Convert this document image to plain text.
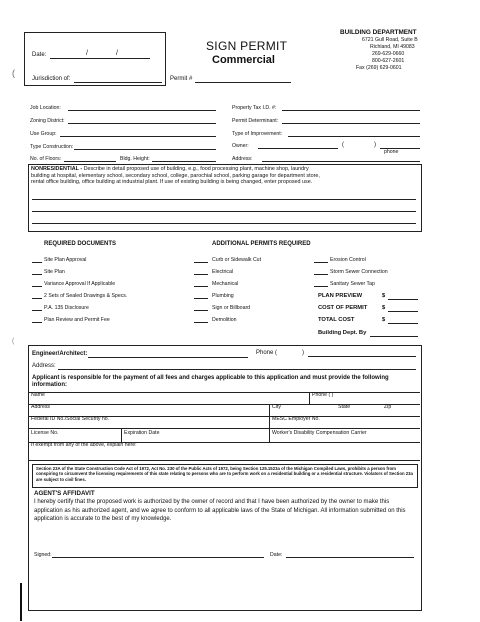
Date:	/	/
Jurisdiction of:	Permit #
SIGN PERMIT
Commercial
BUILDING DEPARTMENT
6721 Gull Road, Suite B
Richland, MI 49083
269-629-0660
800-627-2601
Fax (269) 629-0601
Job Location:
Zoning District:
Use Group:
Type Construction:
No. of Floors:	Bldg. Height:
Property Tax I.D. #:
Permit Determinant:
Type of Improvement:
Owner:	(	)
phone
Address:
NONRESIDENTIAL - Describe in detail proposed use of building, e.g., food processing plant, machine shop, laundry
building at hospital, elementary school, secondary school, college, parochial school, parking garage for department store,
rental office building, office building at industrial plant. If use of existing building is being changed, enter proposed use.
REQUIRED DOCUMENTS	ADDITIONAL PERMITS REQUIRED
Site Plan Approval
Site Plan
Variance Approval If Applicable
2 Sets of Sealed Drawings & Specs.
P.A. 135 Disclosure
Plan Review and Permit Fee
Curb or Sidewalk Cut
Electrical
Mechanical
Plumbing
Sign or Billboard
Demolition
Erosion Control
Storm Sewer Connection
Sanitary Sewer Tap
PLAN PREVIEW	$
COST OF PERMIT	$
TOTAL COST	$
Building Dept. By
Engineer/Architect:	Phone (	)
Address:
Applicant is responsible for the payment of all fees and charges applicable to this application and must provide the following information:
Name	Phone ( )
Address	City	State	Zip
Federal ID No./Social Security no.	MESC Employer No.
License No.	Expiration Date	Worker's Disability Compensation Carrier
If exempt from any of the above, explain here:
Section 23A of the State Construction Code Act of 1972, Act No. 230 of the Public Acts of 1972, being Section 125.1523a of the Michigan Compiled Laws, prohibits a person from conspiring to circumvent the licensing requirements of this state relating to persons who are to perform work on a residential building or a residential structure. Violators of Section 23a are subject to civil fines.
AGENT'S AFFIDAVIT
I hereby certify that the proposed work is authorized by the owner of record and that I have been authorized by the owner to make this application as his authorized agent, and we agree to conform to all applicable laws of the State of Michigan. All information submitted on this application is accurate to the best of my knowledge.
Signed:	Date:
(
(
